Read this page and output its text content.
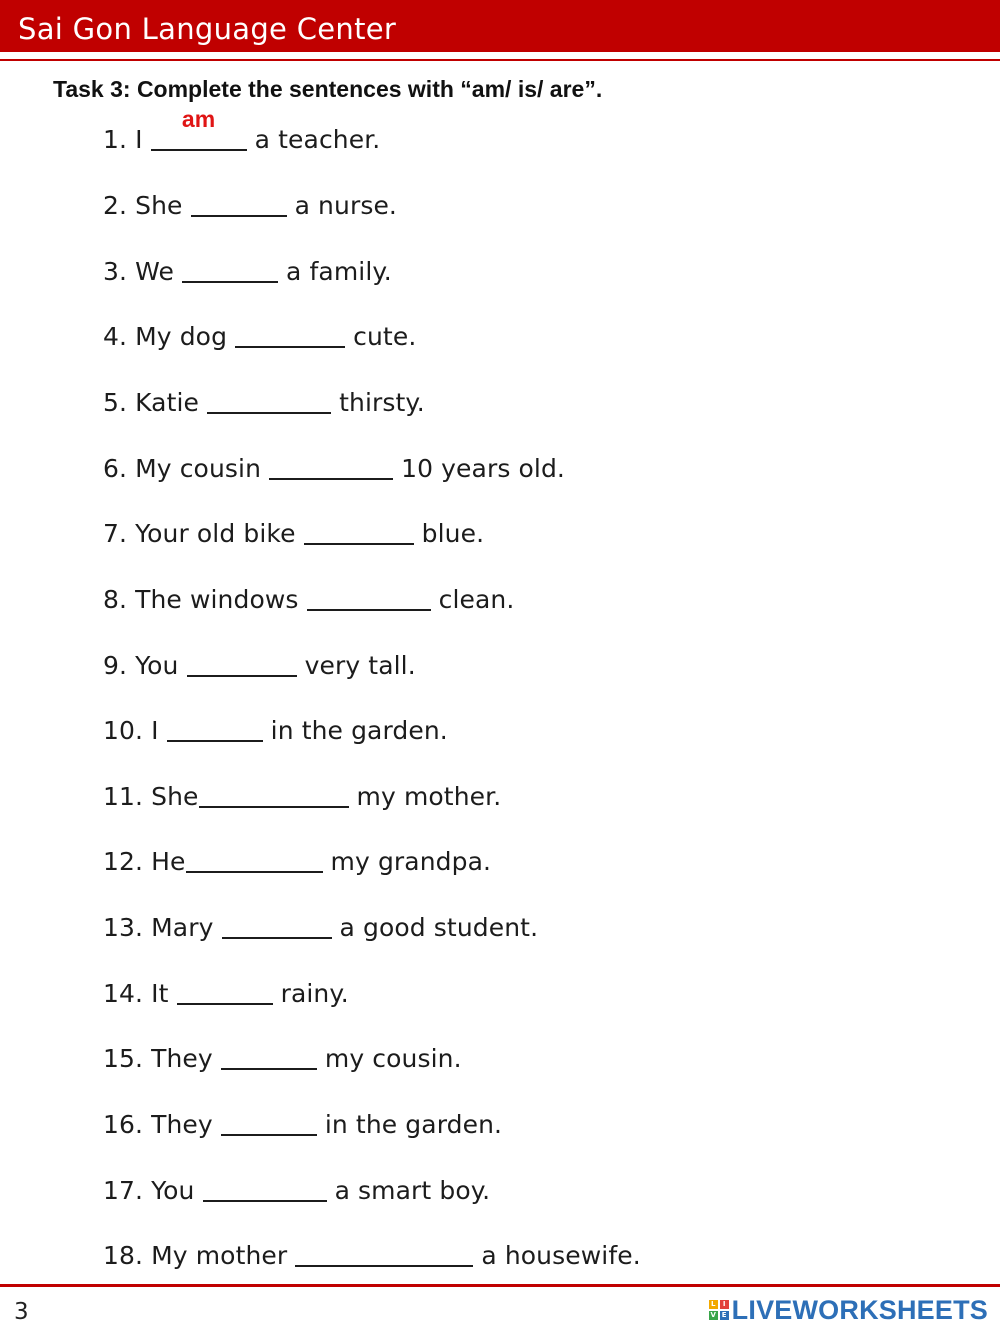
Sai Gon Language Center
Task 3: Complete the sentences with “am/ is/ are”.
1. I
am
a teacher.
2. She	a nurse.
3. We	a family.
4. My dog	cute.
5. Katie	thirsty.
6. My cousin	10 years old.
7. Your old bike	blue.
8. The windows	clean.
9. You	very tall.
10. I	in the garden.
11. She	my mother.
12. He	my grandpa.
13. Mary	a good student.
14. It	rainy.
15. They	my cousin.
16. They	in the garden.
17. You	a smart boy.
18. My mother	a housewife.
3	L	I
V E LIVEWORKSHEETS
